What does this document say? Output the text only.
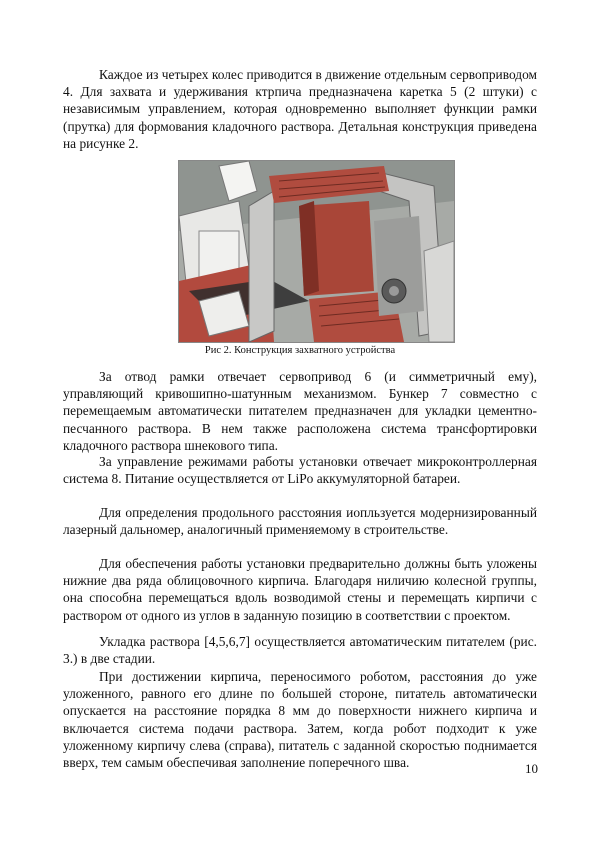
Каждое из четырех колес приводится в движение отдельным сервоприводом 4. Для захвата и удерживания ктрпича предназначена каретка 5 (2 штуки) с независимым управлением, которая одновременно выполняет функции рамки (прутка) для формования кладочного раствора. Детальная конструкция приведена на рисунке 2.

Рис 2. Конструкция захватного устройства

За отвод рамки отвечает сервопривод 6 (и симметричный ему), управляющий кривошипно-шатунным механизмом. Бункер 7 совместно с перемещаемым автоматически питателем предназначен для укладки цементно-песчанного раствора. В нем также расположена система трансфортировки кладочного раствора шнекового типа.

За управление режимами работы установки отвечает микроконтроллерная система 8. Питание осуществляется от LiPo аккумуляторной батареи.

Для определения продольного расстояния иопльзуется модернизированный лазерный дальномер, аналогичный применяемому в строительстве.

Для обеспечения работы установки предварительно должны быть уложены нижние два ряда облицовочного кирпича. Благодаря ниличию колесной группы, она способна перемещаться вдоль возводимой стены и перемещать кирпичи с раствором от одного из углов в заданную позицию в соответствии с проектом.

Укладка раствора [4,5,6,7] осуществляется автоматическим питателем (рис. 3.) в две стадии.

При достижении кирпича, переносимого роботом, расстояния до уже уложенного, равного его длине по большей стороне, питатель автоматически опускается на расстояние порядка 8 мм до поверхности нижнего кирпича и включается система подачи раствора. Затем, когда робот подходит к уже уложенному кирпичу слева (справа), питатель с заданной скоростью поднимается вверх, тем самым обеспечивая заполнение поперечного шва.	10
